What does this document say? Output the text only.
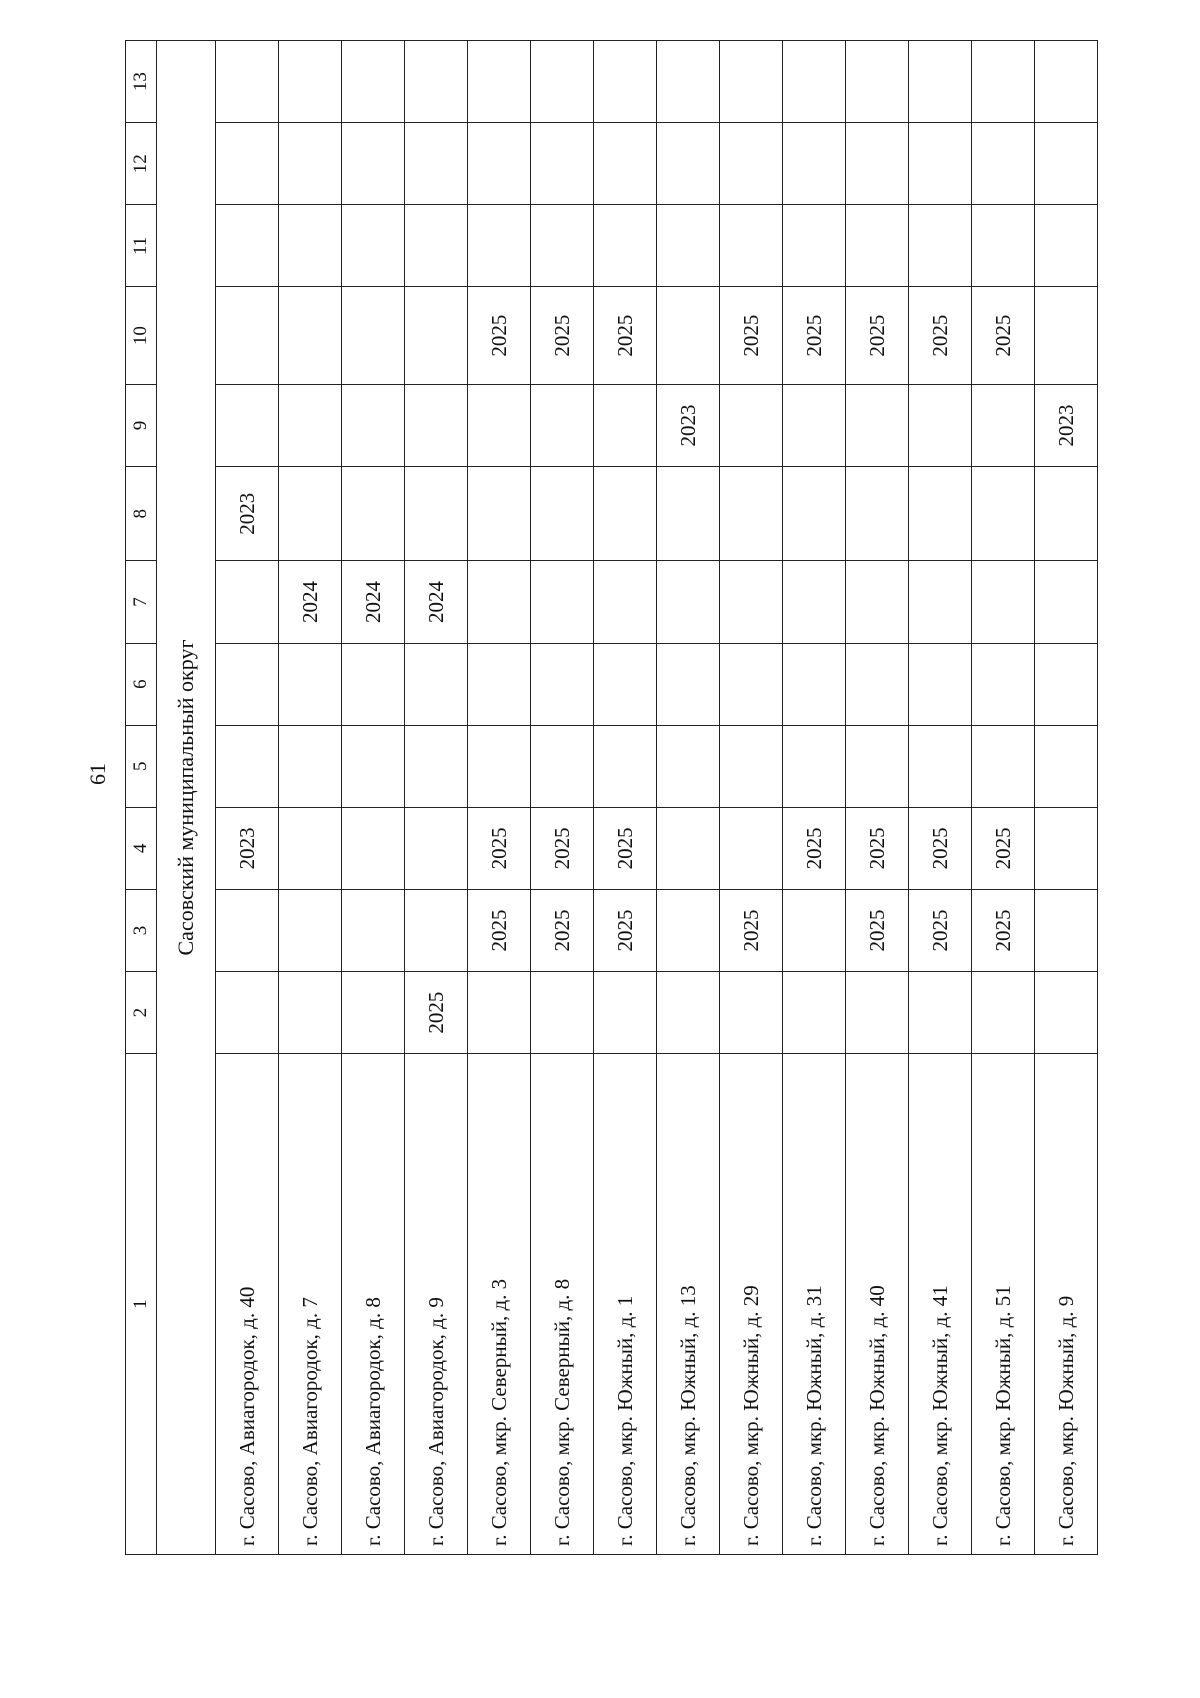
61
1	2	3	4	5	6	7	8	9	10	11	12	13
Сасовский муниципальный округ												
г. Сасово, Авиагородок, д. 40			2023				2023					
г. Сасово, Авиагородок, д. 7						2024						
г. Сасово, Авиагородок, д. 8						2024						
г. Сасово, Авиагородок, д. 9	2025					2024						
г. Сасово, мкр. Северный, д. 3		2025	2025						2025			
г. Сасово, мкр. Северный, д. 8		2025	2025						2025			
г. Сасово, мкр. Южный, д. 1		2025	2025						2025			
г. Сасово, мкр. Южный, д. 13								2023				
г. Сасово, мкр. Южный, д. 29		2025							2025			
г. Сасово, мкр. Южный, д. 31			2025						2025			
г. Сасово, мкр. Южный, д. 40		2025	2025						2025			
г. Сасово, мкр. Южный, д. 41		2025	2025						2025			
г. Сасово, мкр. Южный, д. 51		2025	2025						2025			
г. Сасово, мкр. Южный, д. 9								2023				
